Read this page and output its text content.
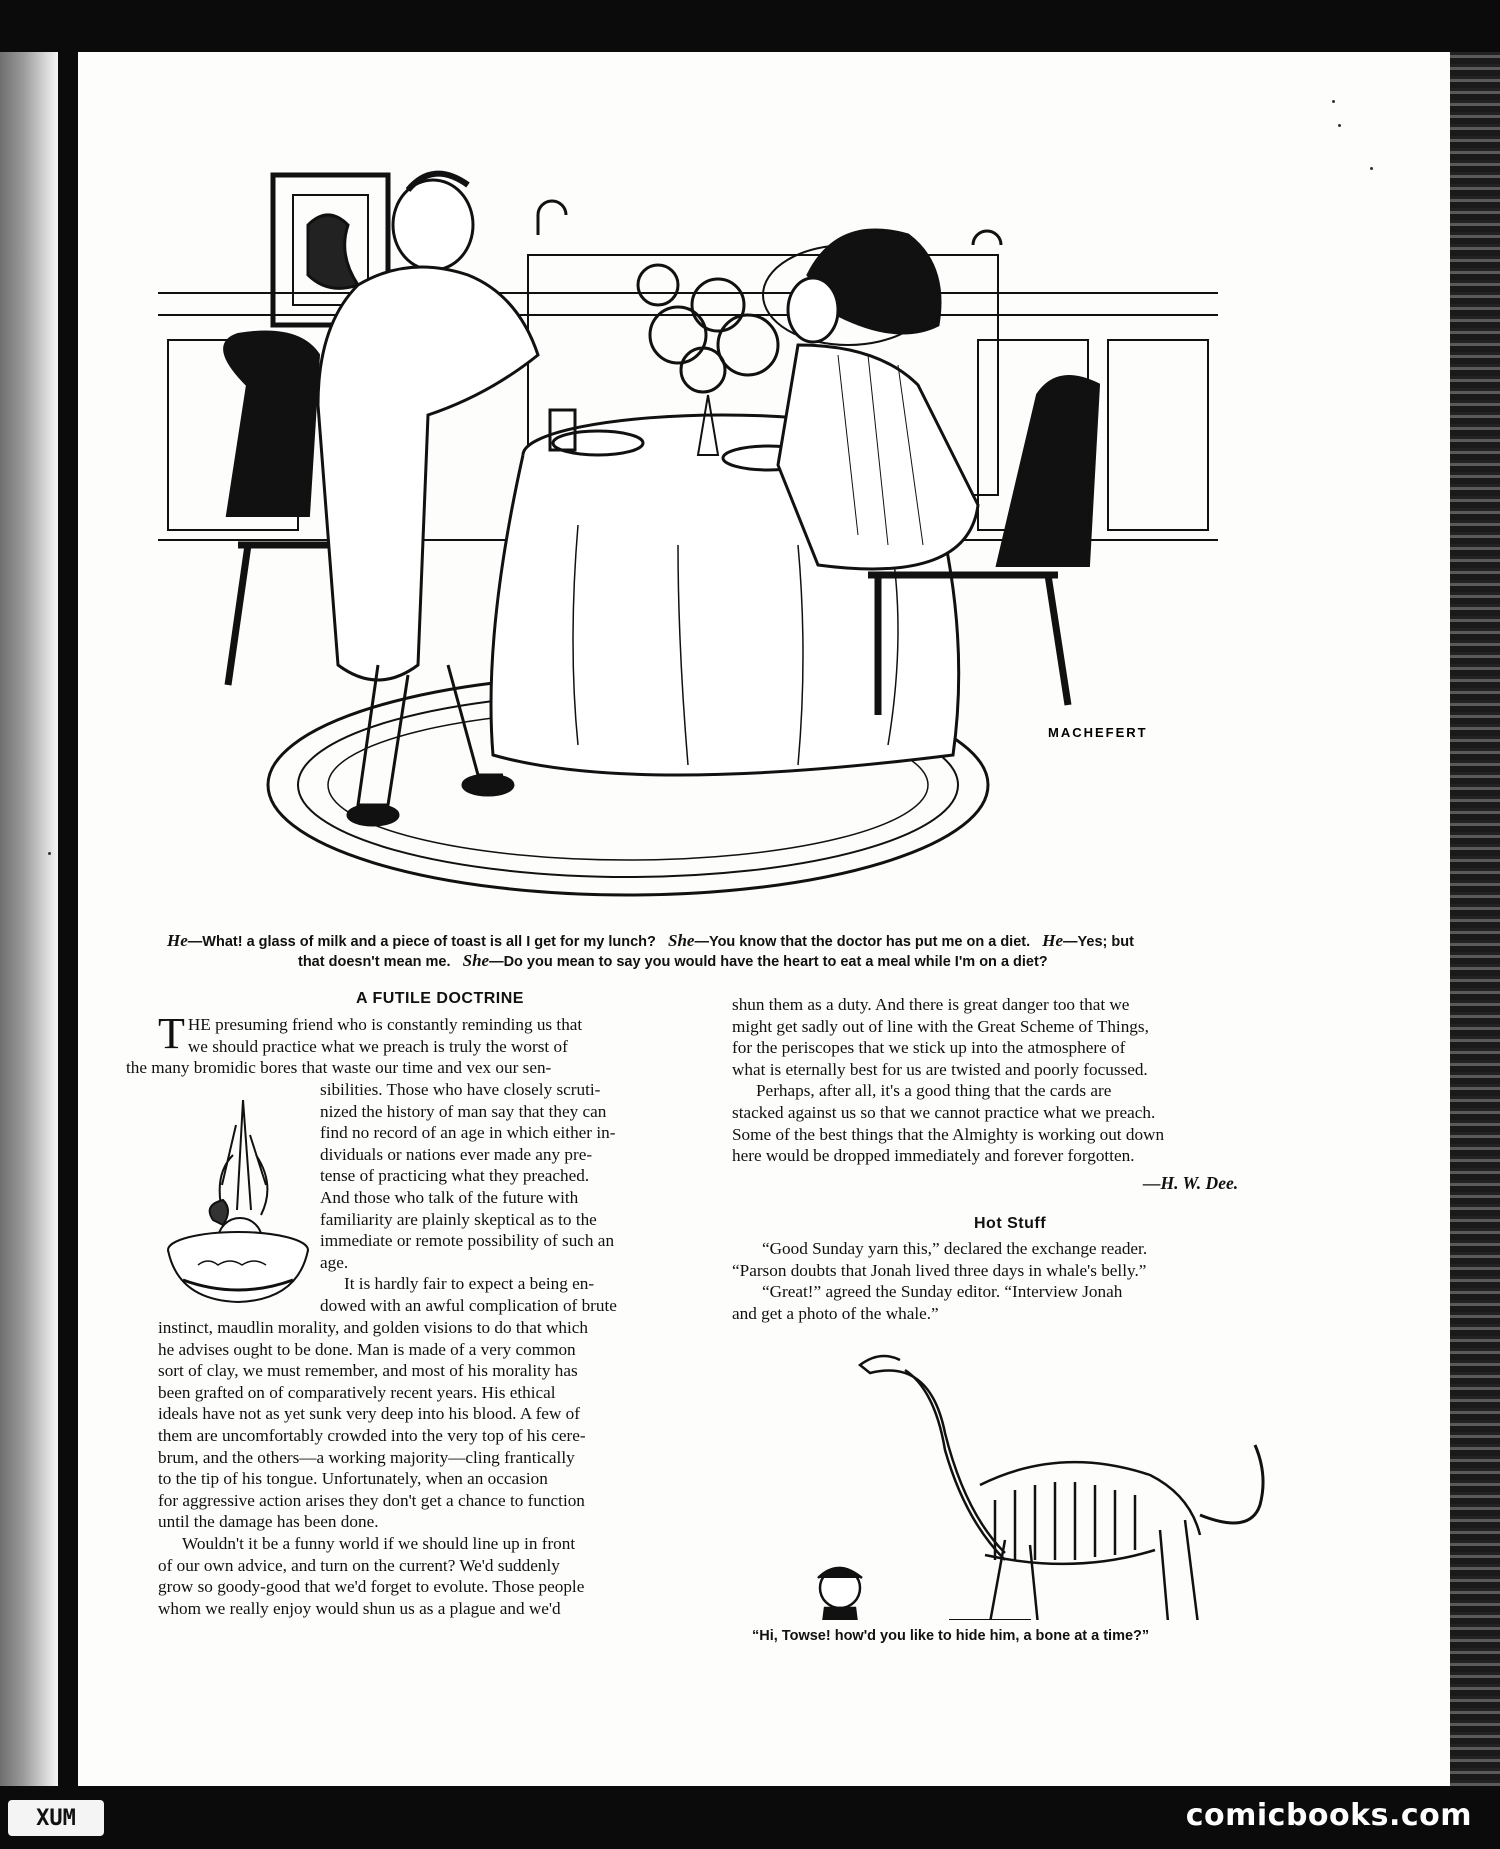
MACHEFERT
He—What! a glass of milk and a piece of toast is all I get for my lunch? She—You know that the doctor has put me on a diet. He—Yes; but
that doesn't mean me. She—Do you mean to say you would have the heart to eat a meal while I'm on a diet?
A FUTILE DOCTRINE
T HE presuming friend who is constantly reminding us that
we should practice what we preach is truly the worst of
the many bromidic bores that waste our time and vex our sen-
sibilities. Those who have closely scruti-
nized the history of man say that they can
find no record of an age in which either in-
dividuals or nations ever made any pre-
tense of practicing what they preached.
And those who talk of the future with
familiarity are plainly skeptical as to the
immediate or remote possibility of such an
age.
It is hardly fair to expect a being en-
dowed with an awful complication of brute
instinct, maudlin morality, and golden visions to do that which
he advises ought to be done. Man is made of a very common
sort of clay, we must remember, and most of his morality has
been grafted on of comparatively recent years. His ethical
ideals have not as yet sunk very deep into his blood. A few of
them are uncomfortably crowded into the very top of his cere-
brum, and the others—a working majority—cling frantically
to the tip of his tongue. Unfortunately, when an occasion
for aggressive action arises they don't get a chance to function
until the damage has been done.
Wouldn't it be a funny world if we should line up in front
of our own advice, and turn on the current? We'd suddenly
grow so goody-good that we'd forget to evolute. Those people
whom we really enjoy would shun us as a plague and we'd
shun them as a duty. And there is great danger too that we
might get sadly out of line with the Great Scheme of Things,
for the periscopes that we stick up into the atmosphere of
what is eternally best for us are twisted and poorly focussed.
Perhaps, after all, it's a good thing that the cards are
stacked against us so that we cannot practice what we preach.
Some of the best things that the Almighty is working out down
here would be dropped immediately and forever forgotten.
—H. W. Dee.
Hot Stuff
“Good Sunday yarn this,” declared the exchange reader.
“Parson doubts that Jonah lived three days in whale's belly.”
“Great!” agreed the Sunday editor. “Interview Jonah
and get a photo of the whale.”
“Hi, Towse! how'd you like to hide him, a bone at a time?”
XUM	comicbooks.com
